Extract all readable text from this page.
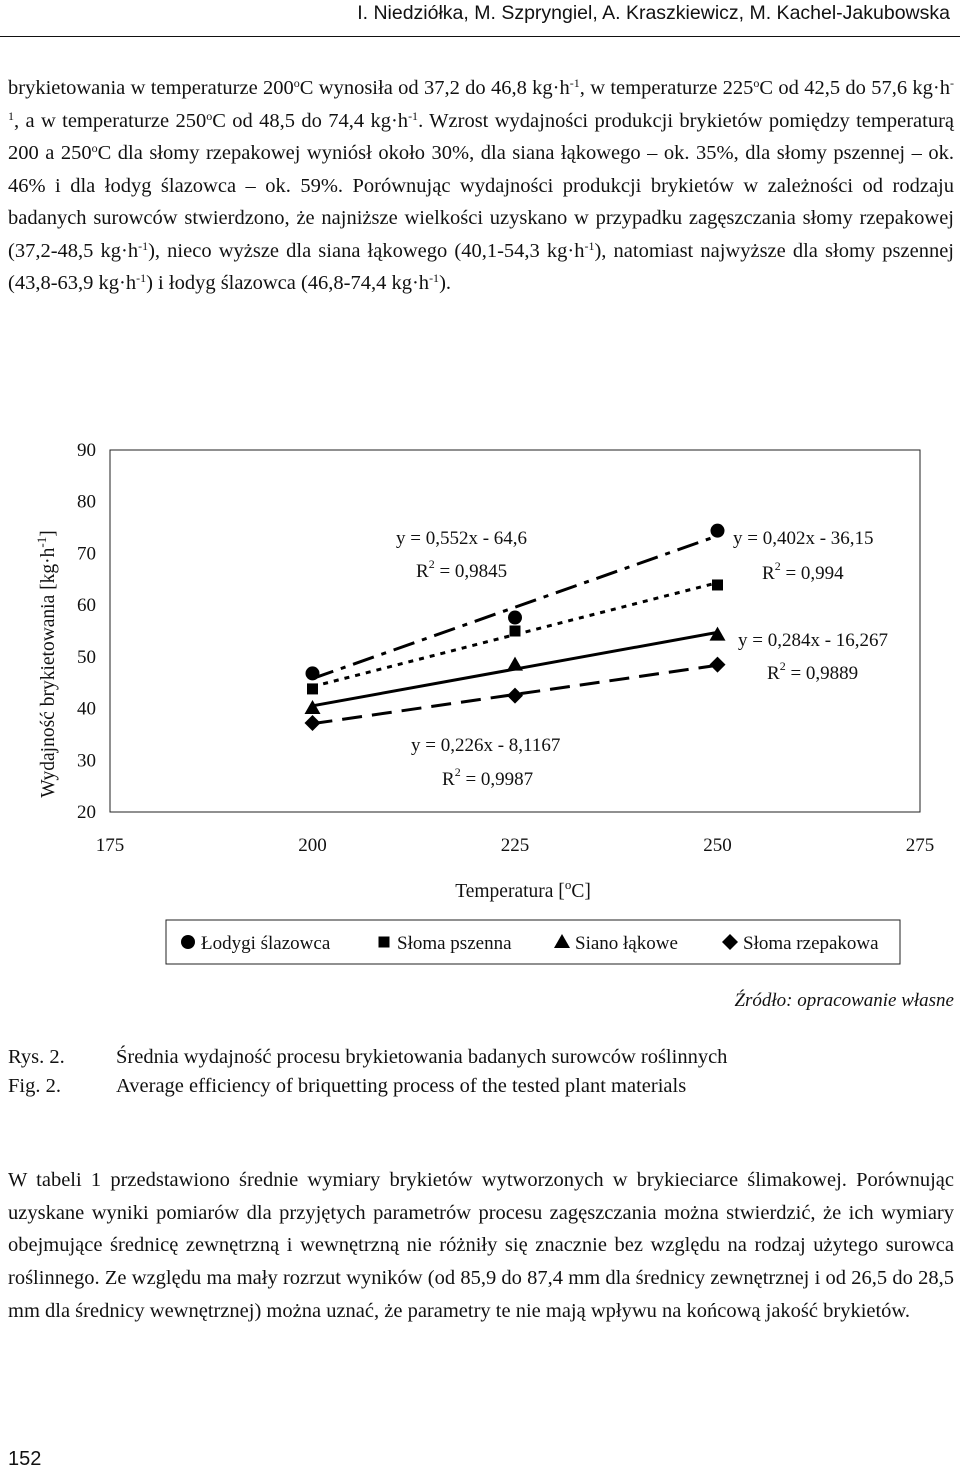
I. Niedziółka, M. Szpryngiel, A. Kraszkiewicz, M. Kachel-Jakubowska
brykietowania w temperaturze 200$^o$C wynosiła od 37,2 do 46,8 $kg\cdot h^{-1}$, w temperaturze 225$^o$C od 42,5 do 57,6 $kg\cdot h^{-1}$, a w temperaturze 250$^o$C od 48,5 do 74,4 $kg\cdot h^{-1}$. Wzrost wydajności produkcji brykietów pomiędzy temperaturą 200 a 250$^o$C dla słomy rzepakowej wyniósł około 30%, dla siana łąkowego – ok. 35%, dla słomy pszennej – ok. 46% i dla łodyg ślazowca – ok. 59%. Porównując wydajności produkcji brykietów w zależności od rodzaju badanych surowców stwierdzono, że najniższe wielkości uzyskano w przypadku zagęszczania słomy rzepakowej (37,2-48,5 $kg\cdot h^{-1}$), nieco wyższe dla siana łąkowego (40,1-54,3 $kg\cdot h^{-1}$), natomiast najwyższe dla słomy pszennej (43,8-63,9 $kg\cdot h^{-1}$) i łodyg ślazowca (46,8-74,4 $kg\cdot h^{-1}$).
20
30
40
50
60
70
80
90
175	200	225	250	275
Temperatura [$^o$C]
Wydajność brykietowania $[kg\cdot h^{-1}]$	y = 0,552x - 64,6
$R^2 = 0,9845$
y = 0,402x - 36,15
$R^2 = 0,994$
y = 0,284x - 16,267
$R^2 = 0,9889$
y = 0,226x - 8,1167
$R^2 = 0,9987$
Łodygi ślazowca	Słoma pszenna	Siano łąkowe	Słoma rzepakowa
Źródło: opracowanie własne
Rys. 2.
Fig. 2.
Średnia wydajność procesu brykietowania badanych surowców roślinnych
Average efficiency of briquetting process of the tested plant materials
W tabeli 1 przedstawiono średnie wymiary brykietów wytworzonych w brykieciarce ślimakowej. Porównując uzyskane wyniki pomiarów dla przyjętych parametrów procesu zagęszczania można stwierdzić, że ich wymiary obejmujące średnicę zewnętrzną i wewnętrzną nie różniły się znacznie bez względu na rodzaj użytego surowca roślinnego. Ze względu ma mały rozrzut wyników (od 85,9 do 87,4 mm dla średnicy zewnętrznej i od 26,5 do 28,5 mm dla średnicy wewnętrznej) można uznać, że parametry te nie mają wpływu na końcową jakość brykietów.
152
